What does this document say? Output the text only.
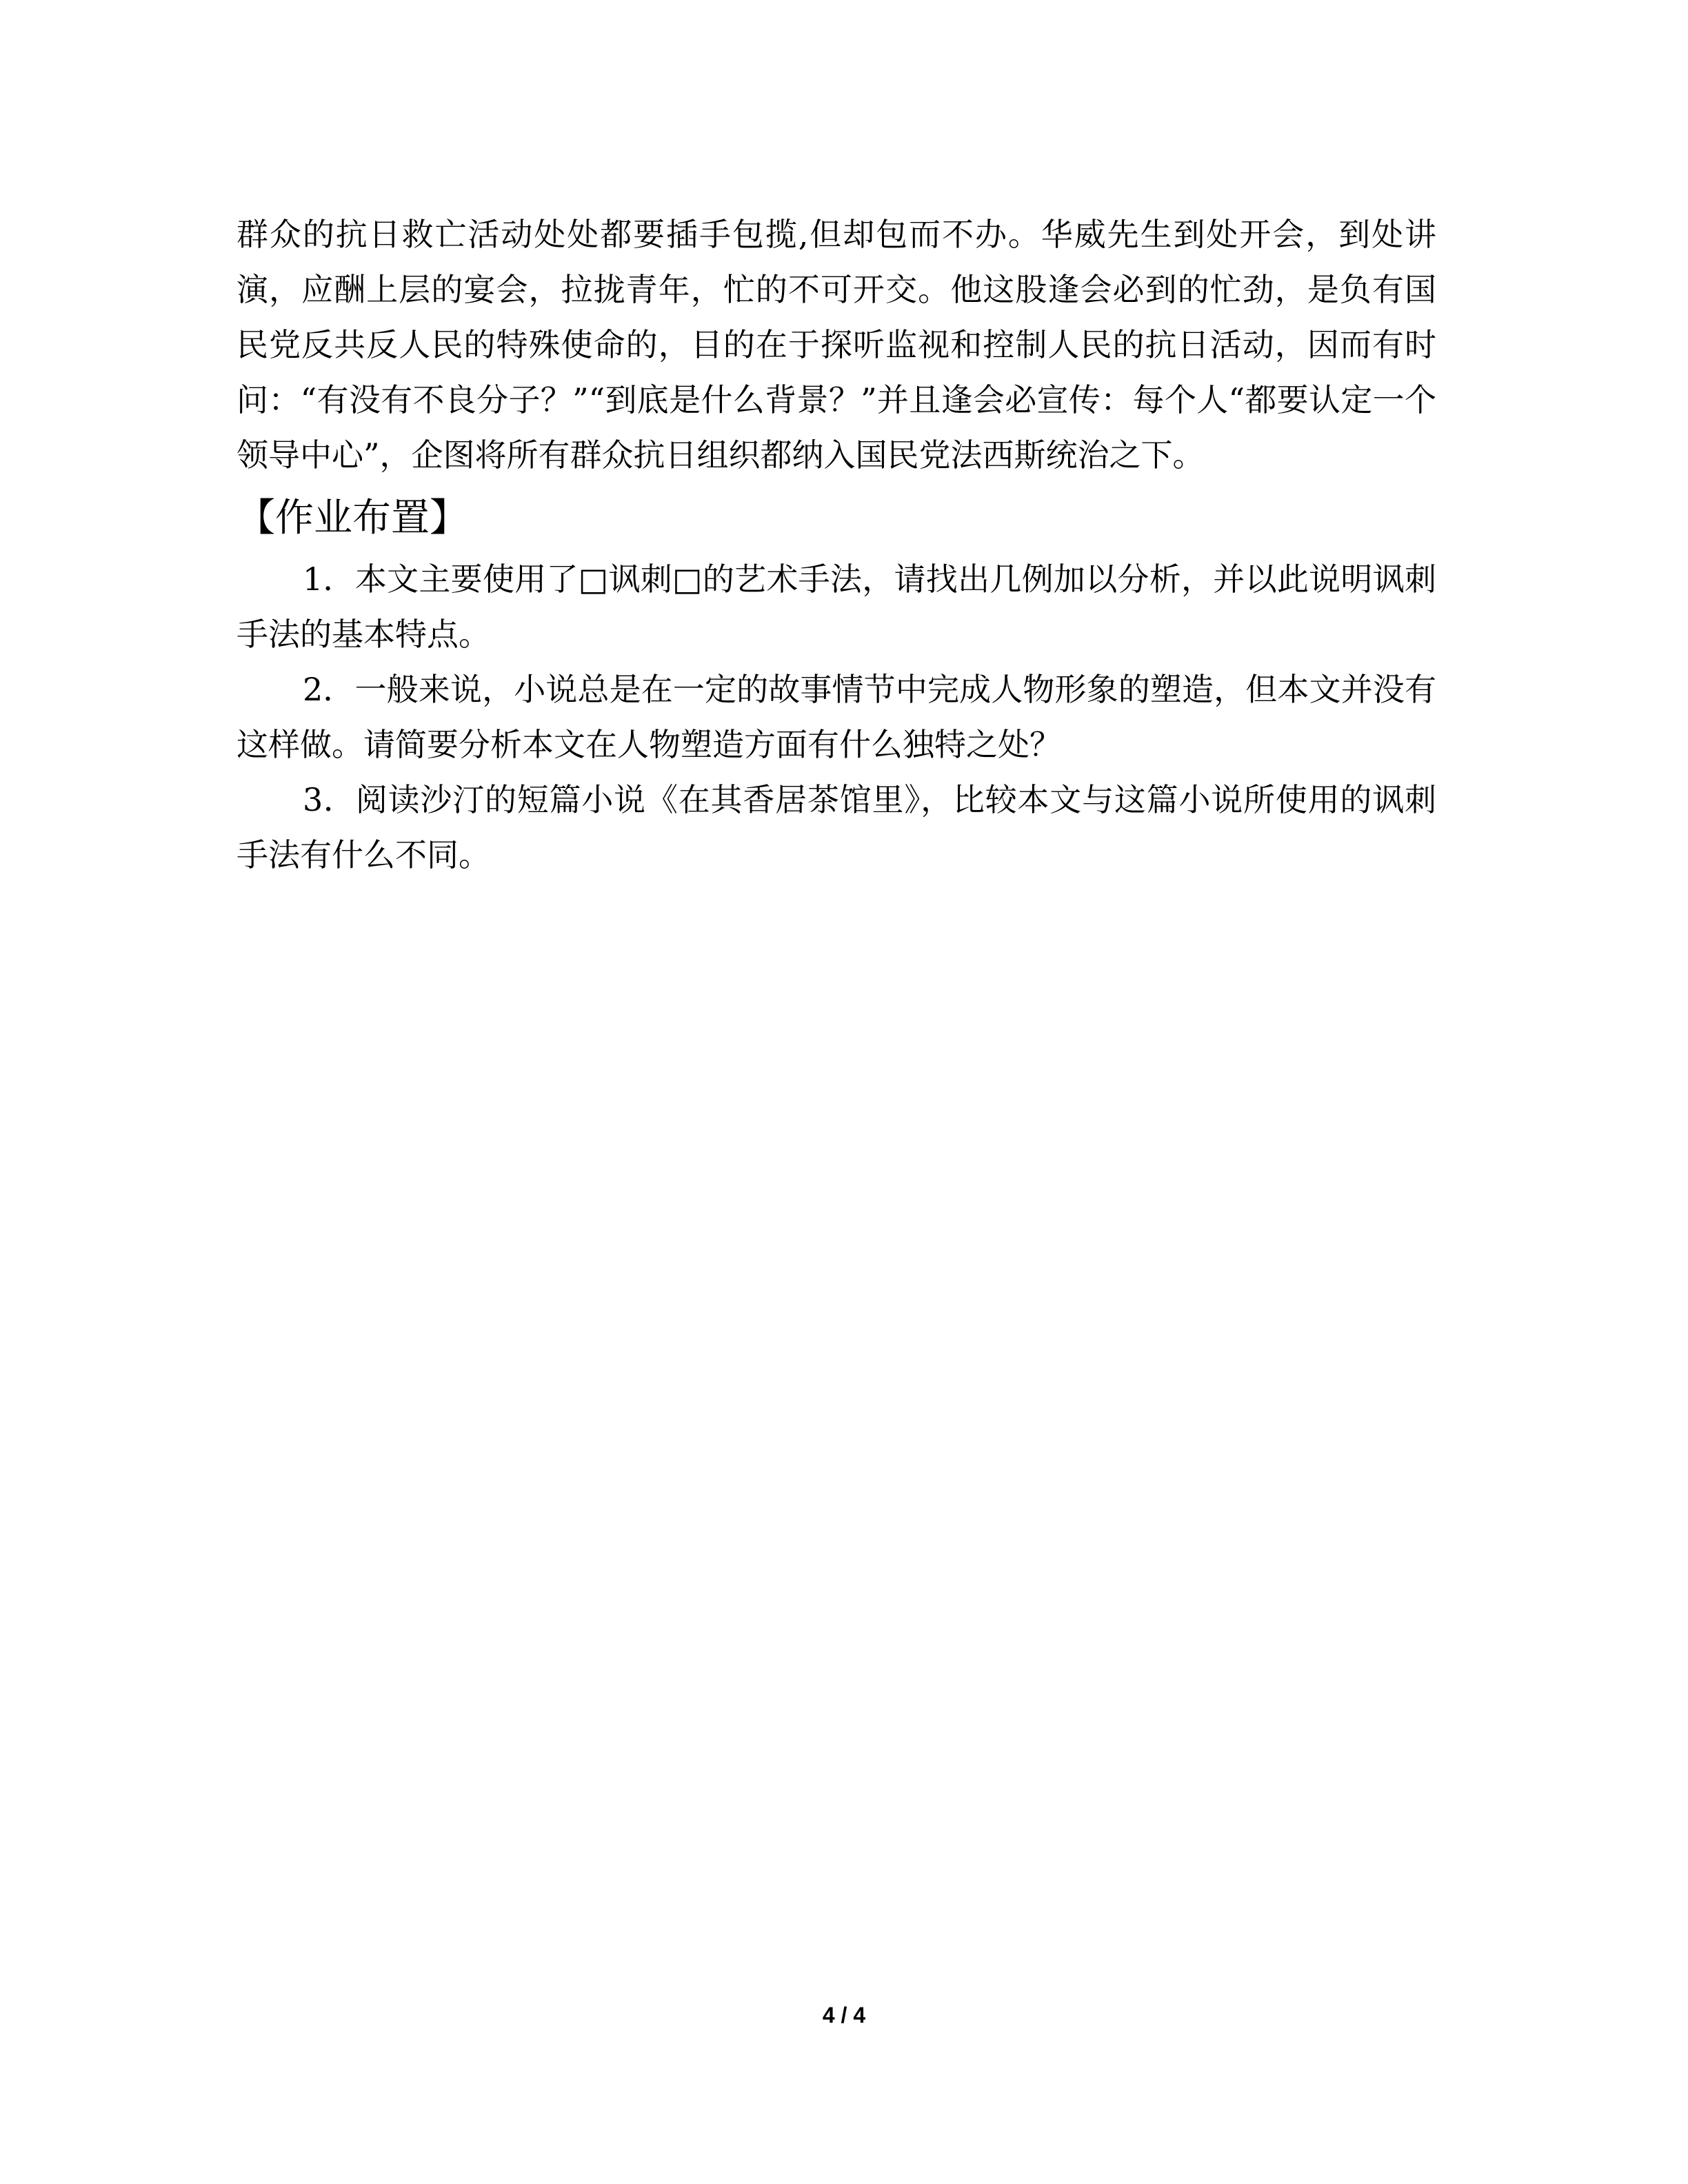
群众的抗日救亡活动处处都要插手包揽,但却包而不办。华威先生到处开会，到处讲演，应酬上层的宴会，拉拢青年，忙的不可开交。他这股逢会必到的忙劲，是负有国民党反共反人民的特殊使命的，目的在于探听监视和控制人民的抗日活动，因而有时问：“有没有不良分子？”“到底是什么背景？”并且逢会必宣传：每个人“都要认定一个领导中心”，企图将所有群众抗日组织都纳入国民党法西斯统治之下。

【作业布置】

1．本文主要使用了□讽刺□的艺术手法，请找出几例加以分析，并以此说明讽刺手法的基本特点。

2．一般来说，小说总是在一定的故事情节中完成人物形象的塑造，但本文并没有这样做。请简要分析本文在人物塑造方面有什么独特之处？

3．阅读沙汀的短篇小说《在其香居茶馆里》，比较本文与这篇小说所使用的讽刺手法有什么不同。

4 / 4
